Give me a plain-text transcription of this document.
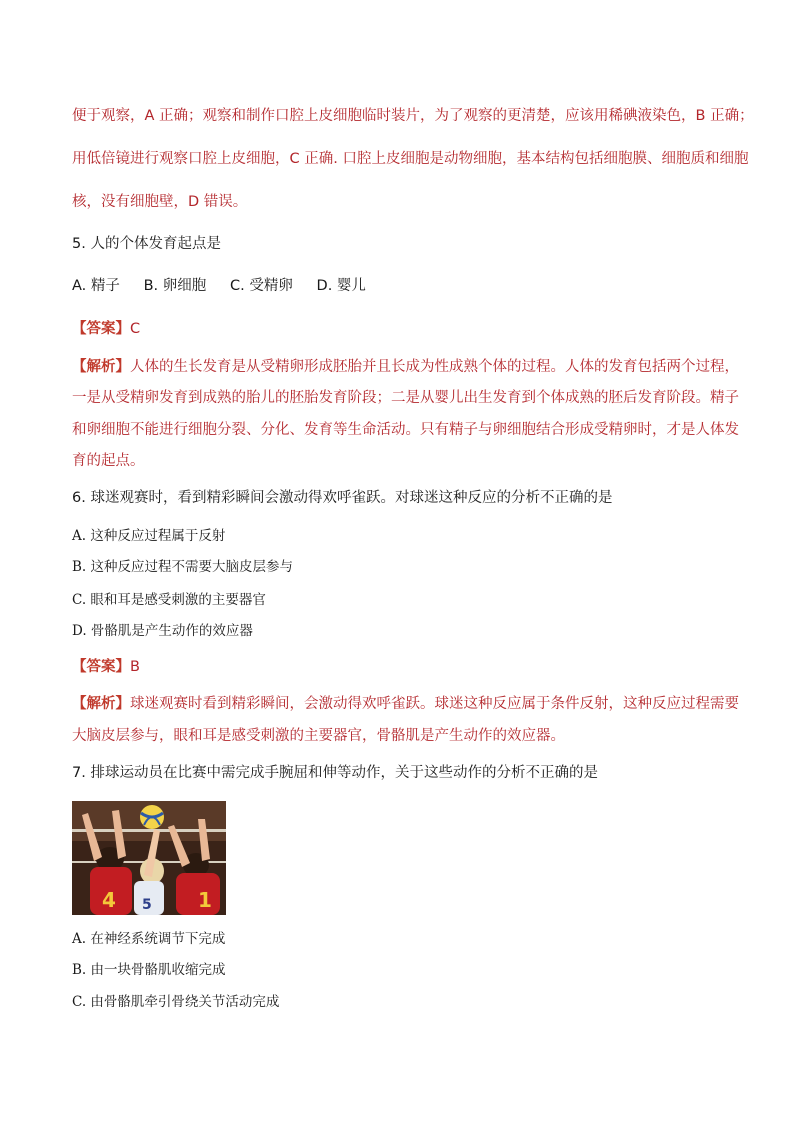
便于观察，A 正确；观察和制作口腔上皮细胞临时装片，为了观察的更清楚，应该用稀碘液染色，B 正确；
用低倍镜进行观察口腔上皮细胞，C 正确. 口腔上皮细胞是动物细胞，基本结构包括细胞膜、细胞质和细胞
核，没有细胞壁，D 错误。
5. 人的个体发育起点是
A. 精子　  B. 卵细胞　  C. 受精卵　  D. 婴儿
【答案】C
【解析】人体的生长发育是从受精卵形成胚胎并且长成为性成熟个体的过程。人体的发育包括两个过程，
一是从受精卵发育到成熟的胎儿的胚胎发育阶段；二是从婴儿出生发育到个体成熟的胚后发育阶段。精子
和卵细胞不能进行细胞分裂、分化、发育等生命活动。只有精子与卵细胞结合形成受精卵时，才是人体发
育的起点。
6. 球迷观赛时，看到精彩瞬间会激动得欢呼雀跃。对球迷这种反应的分析不正确的是
A. 这种反应过程属于反射
B. 这种反应过程不需要大脑皮层参与
C. 眼和耳是感受刺激的主要器官
D. 骨骼肌是产生动作的效应器
【答案】B
【解析】球迷观赛时看到精彩瞬间，会激动得欢呼雀跃。球迷这种反应属于条件反射，这种反应过程需要
大脑皮层参与，眼和耳是感受刺激的主要器官，骨骼肌是产生动作的效应器。
7. 排球运动员在比赛中需完成手腕屈和伸等动作，关于这些动作的分析不正确的是
4 5 1
A. 在神经系统调节下完成
B. 由一块骨骼肌收缩完成
C. 由骨骼肌牵引骨绕关节活动完成
